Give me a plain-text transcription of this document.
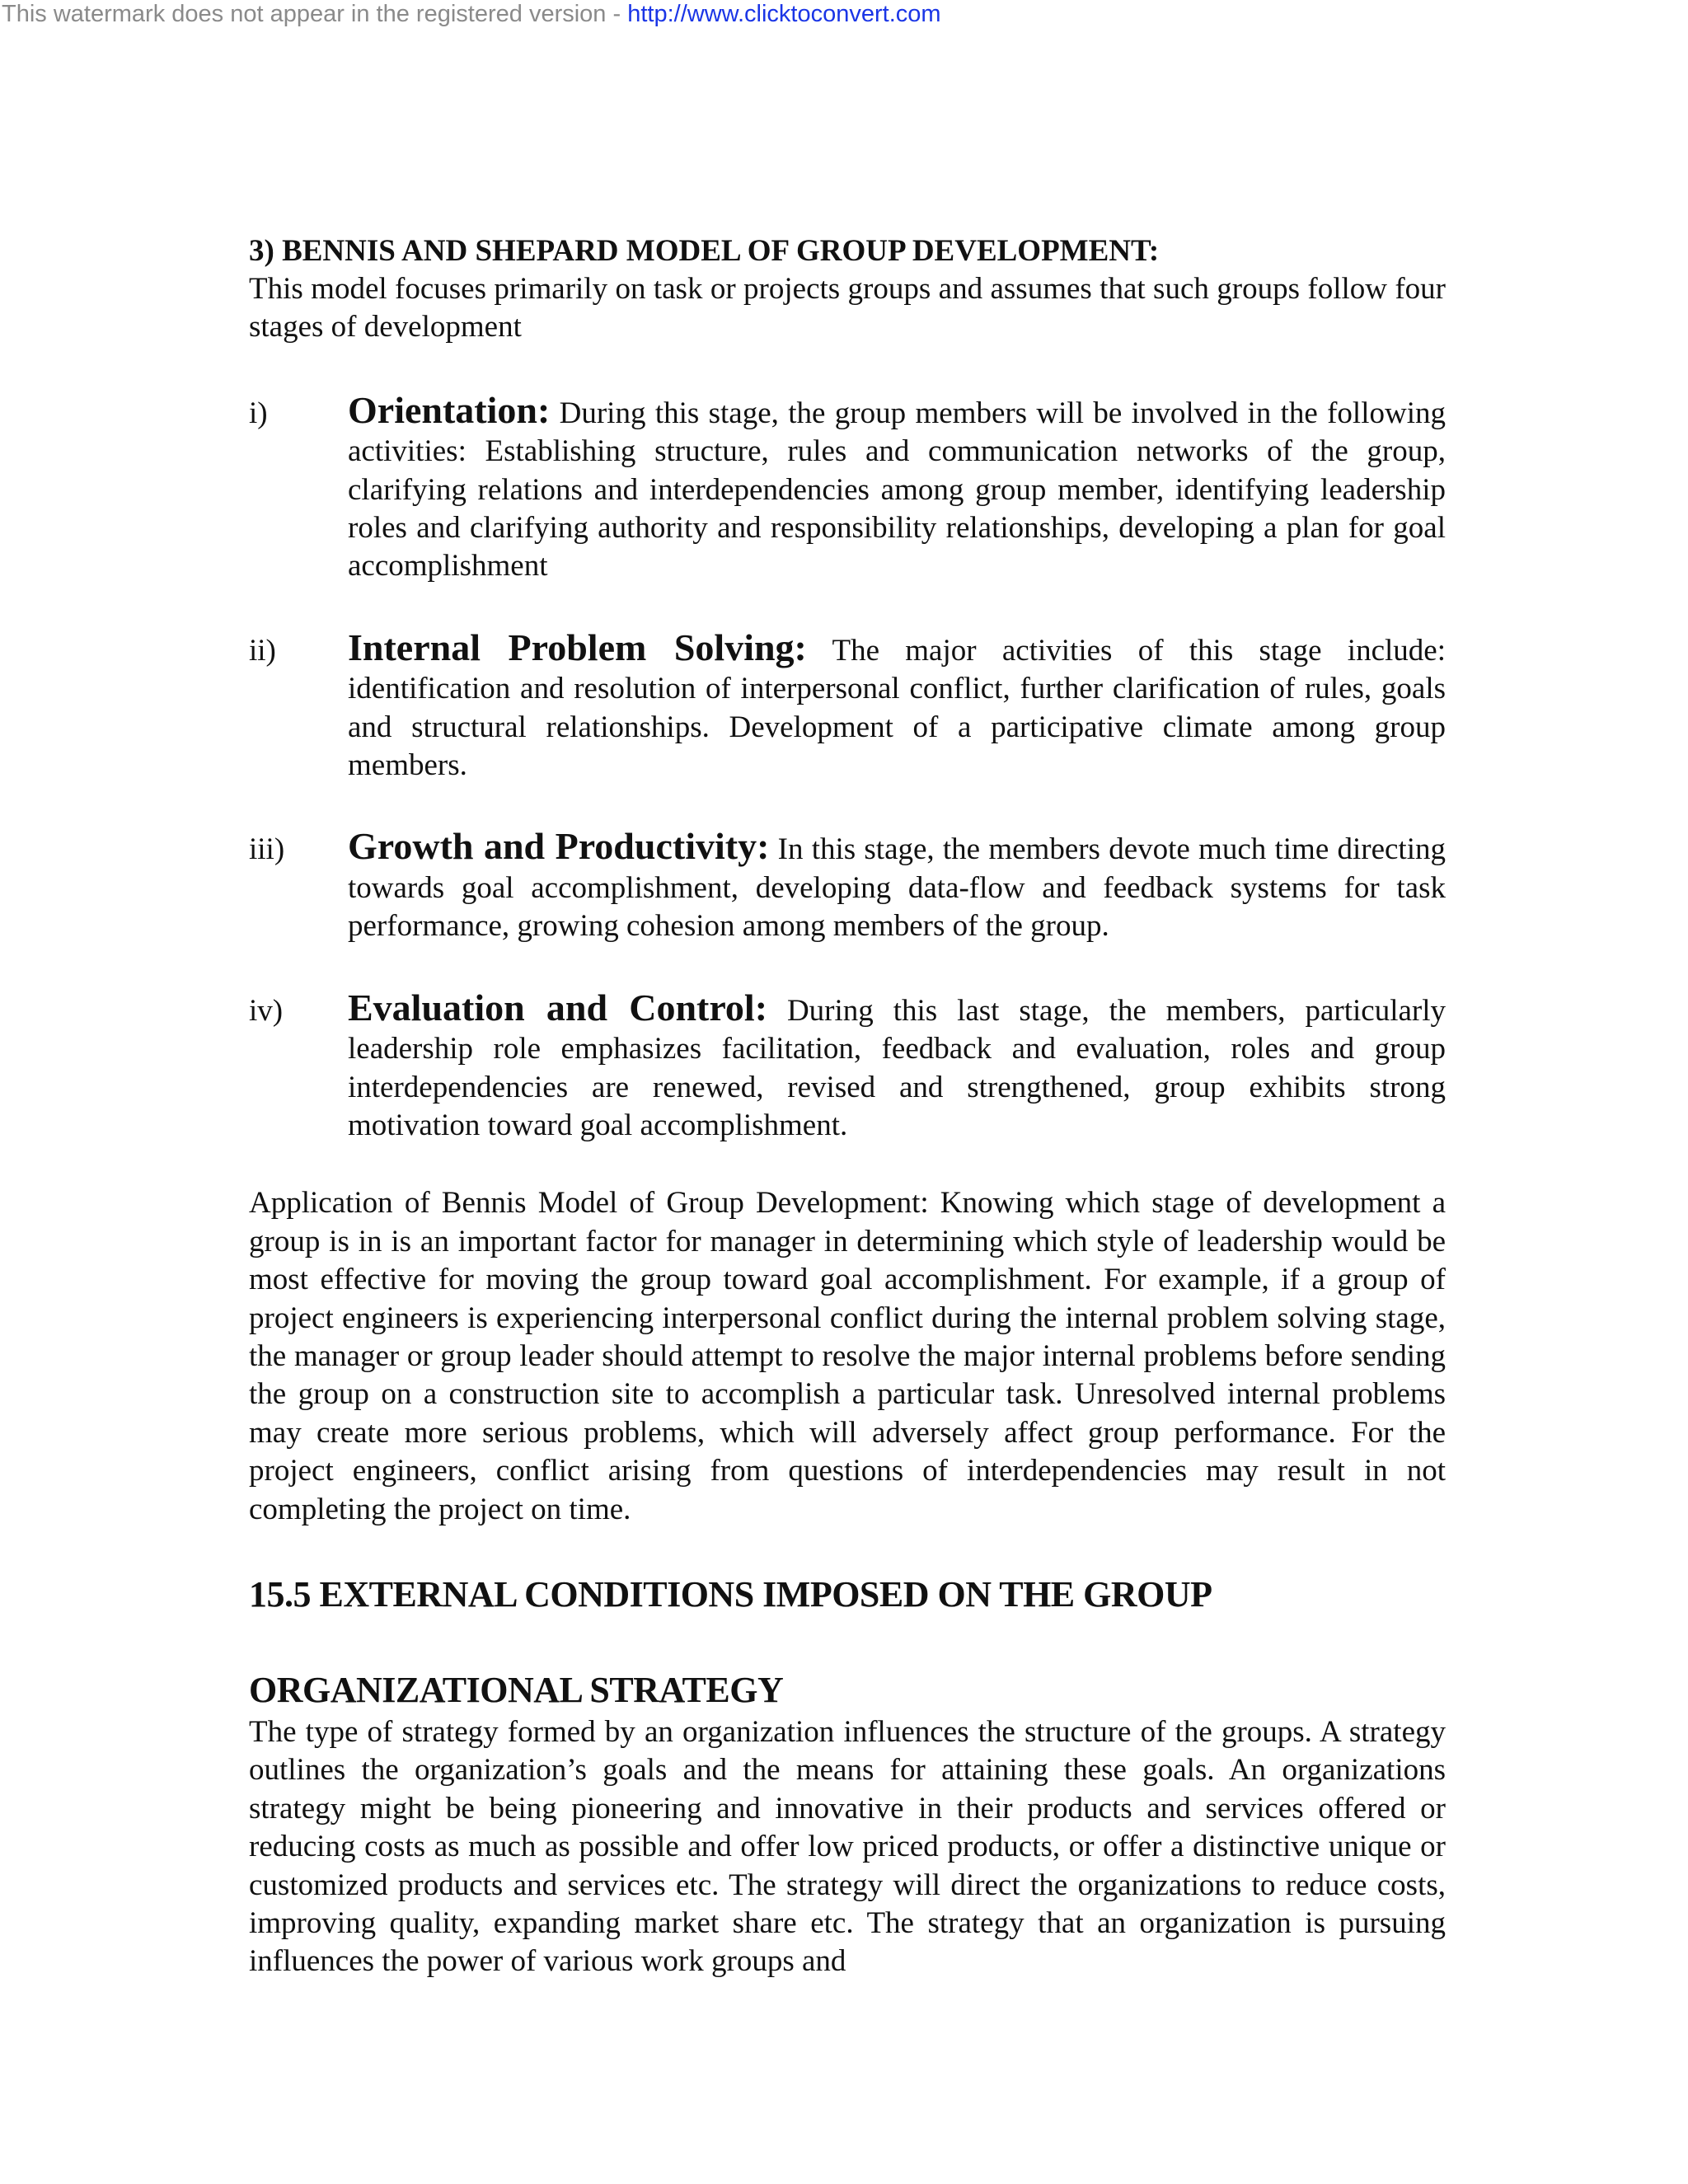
This watermark does not appear in the registered version - http://www.clicktoconvert.com
3) BENNIS AND SHEPARD MODEL OF GROUP DEVELOPMENT:

This model focuses primarily on task or projects groups and assumes that such groups follow four stages of development

i)	Orientation: During this stage, the group members will be involved in the following activities: Establishing structure, rules and communication networks of the group, clarifying relations and interdependencies among group member, identifying leadership roles and clarifying authority and responsibility relationships, developing a plan for goal accomplishment
ii)	Internal Problem Solving: The major activities of this stage include: identification and resolution of interpersonal conflict, further clarification of rules, goals and structural relationships. Development of a participative climate among group members.
iii)	Growth and Productivity: In this stage, the members devote much time directing towards goal accomplishment, developing data-flow and feedback systems for task performance, growing cohesion among members of the group.
iv)	Evaluation and Control: During this last stage, the members, particularly leadership role emphasizes facilitation, feedback and evaluation, roles and group interdependencies are renewed, revised and strengthened, group exhibits strong motivation toward goal accomplishment.

Application of Bennis Model of Group Development: Knowing which stage of development a group is in is an important factor for manager in determining which style of leadership would be most effective for moving the group toward goal accomplishment. For example, if a group of project engineers is experiencing interpersonal conflict during the internal problem solving stage, the manager or group leader should attempt to resolve the major internal problems before sending the group on a construction site to accomplish a particular task. Unresolved internal problems may create more serious problems, which will adversely affect group performance. For the project engineers, conflict arising from questions of interdependencies may result in not completing the project on time.

15.5 EXTERNAL CONDITIONS IMPOSED ON THE GROUP
ORGANIZATIONAL STRATEGY

The type of strategy formed by an organization influences the structure of the groups. A strategy outlines the organization’s goals and the means for attaining these goals. An organizations strategy might be being pioneering and innovative in their products and services offered or reducing costs as much as possible and offer low priced products, or offer a distinctive unique or customized products and services etc. The strategy will direct the organizations to reduce costs, improving quality, expanding market share etc. The strategy that an organization is pursuing influences the power of various work groups and
